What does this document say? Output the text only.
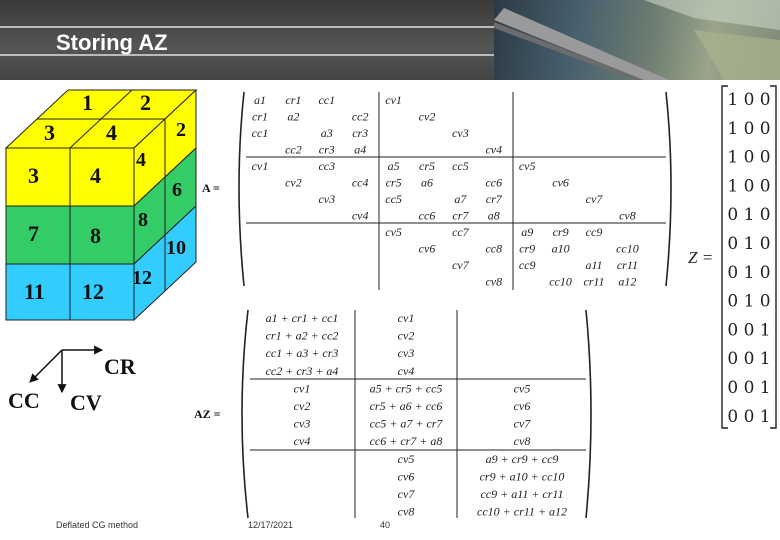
Storing AZ
1 2
3 4
3 4
7 8
11 12
2
4
6
8
10
12
CR
CC CV
A =
a1 cr1 cc1	cv1
cr1 a2	cc2	cv2
cc1	a3 cr3	cv3
cc2 cr3 a4	cv4
cv1	cc3	a5 cr5 cc5	cv5
cv2	cc4 cr5 a6	cc6	cv6
cv3	cc5	a7 cr7	cv7
cv4	cc6 cr7 a8	cv8
cv5	cc7	a9 cr9 cc9
cv6	cc8 cr9 a10	cc10
cv7	cc9	a11 cr11
cv8	cc10 cr11 a12
Z =
1 0 0
1 0 0
1 0 0
1 0 0
0 1 0
0 1 0
0 1 0
0 1 0
0 0 1
0 0 1
0 0 1
0 0 1
AZ =
a1 + cr1 + cc1	cv1
cr1 + a2 + cc2	cv2
cc1 + a3 + cr3	cv3
cc2 + cr3 + a4	cv4
cv1	a5 + cr5 + cc5	cv5
cv2	cr5 + a6 + cc6	cv6
cv3	cc5 + a7 + cr7	cv7
cv4	cc6 + cr7 + a8	cv8
cv5	a9 + cr9 + cc9
cv6	cr9 + a10 + cc10
cv7	cc9 + a11 + cr11
cv8	cc10 + cr11 + a12
Deflated CG method	12/17/2021	40
